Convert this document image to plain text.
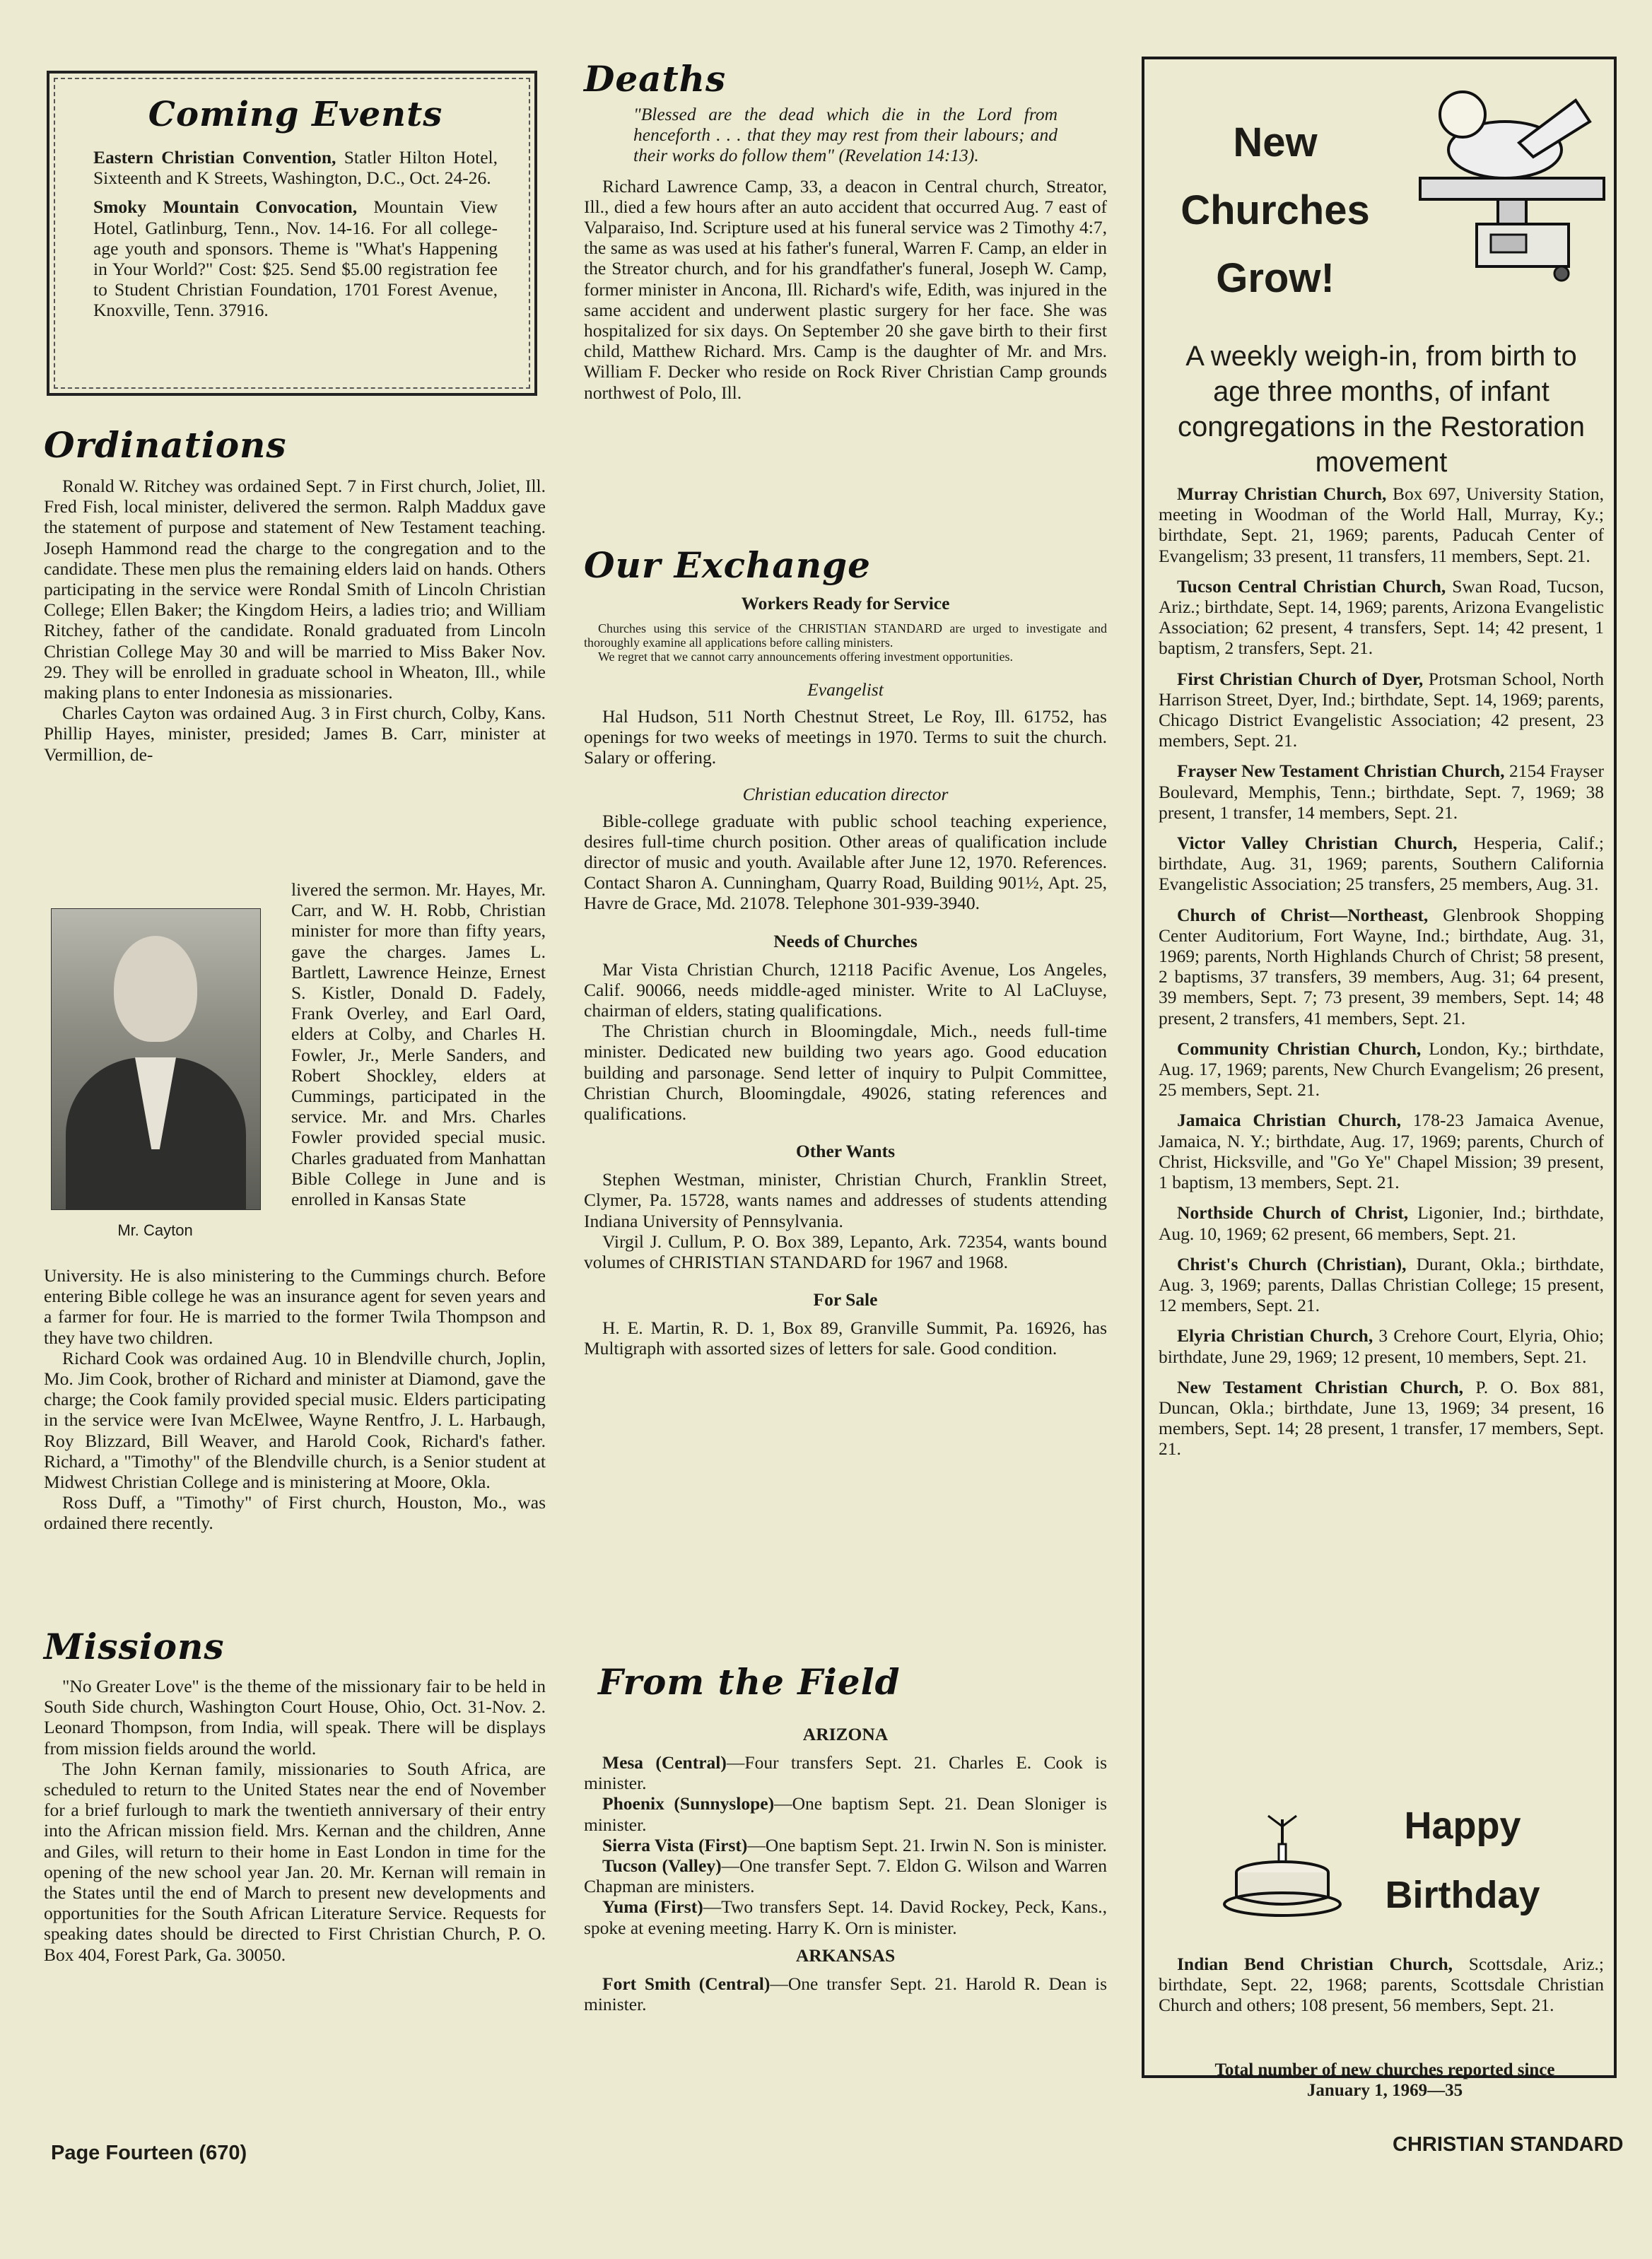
Coming Events

Eastern Christian Convention, Statler Hilton Hotel, Sixteenth and K Streets, Washington, D.C., Oct. 24-26.

Smoky Mountain Convocation, Mountain View Hotel, Gatlinburg, Tenn., Nov. 14-16. For all college-age youth and sponsors. Theme is "What's Happening in Your World?" Cost: $25. Send $5.00 registration fee to Student Christian Foundation, 1701 Forest Avenue, Knoxville, Tenn. 37916.

Ordinations

Ronald W. Ritchey was ordained Sept. 7 in First church, Joliet, Ill. Fred Fish, local minister, delivered the sermon. Ralph Maddux gave the statement of purpose and statement of New Testament teaching. Joseph Hammond read the charge to the congregation and to the candidate. These men plus the remaining elders laid on hands. Others participating in the service were Rondal Smith of Lincoln Christian College; Ellen Baker; the Kingdom Heirs, a ladies trio; and William Ritchey, father of the candidate. Ronald graduated from Lincoln Christian College May 30 and will be married to Miss Baker Nov. 29. They will be enrolled in graduate school in Wheaton, Ill., while making plans to enter Indonesia as missionaries.

Charles Cayton was ordained Aug. 3 in First church, Colby, Kans. Phillip Hayes, minister, presided; James B. Carr, minister at Vermillion, de-

Mr. Cayton

livered the sermon. Mr. Hayes, Mr. Carr, and W. H. Robb, Christian minister for more than fifty years, gave the charges. James L. Bartlett, Lawrence Heinze, Ernest S. Kistler, Donald D. Fadely, Frank Overley, and Earl Oard, elders at Colby, and Charles H. Fowler, Jr., Merle Sanders, and Robert Shockley, elders at Cummings, participated in the service. Mr. and Mrs. Charles Fowler provided special music. Charles graduated from Manhattan Bible College in June and is enrolled in Kansas State

University. He is also ministering to the Cummings church. Before entering Bible college he was an insurance agent for seven years and a farmer for four. He is married to the former Twila Thompson and they have two children.

Richard Cook was ordained Aug. 10 in Blendville church, Joplin, Mo. Jim Cook, brother of Richard and minister at Diamond, gave the charge; the Cook family provided special music. Elders participating in the service were Ivan McElwee, Wayne Rentfro, J. L. Harbaugh, Roy Blizzard, Bill Weaver, and Harold Cook, Richard's father. Richard, a "Timothy" of the Blendville church, is a Senior student at Midwest Christian College and is ministering at Moore, Okla.

Ross Duff, a "Timothy" of First church, Houston, Mo., was ordained there recently.

Missions

"No Greater Love" is the theme of the missionary fair to be held in South Side church, Washington Court House, Ohio, Oct. 31-Nov. 2. Leonard Thompson, from India, will speak. There will be displays from mission fields around the world.

The John Kernan family, missionaries to South Africa, are scheduled to return to the United States near the end of November for a brief furlough to mark the twentieth anniversary of their entry into the African mission field. Mrs. Kernan and the children, Anne and Giles, will return to their home in East London in time for the opening of the new school year Jan. 20. Mr. Kernan will remain in the States until the end of March to present new developments and opportunities for the South African Literature Service. Requests for speaking dates should be directed to First Christian Church, P. O. Box 404, Forest Park, Ga. 30050.

Deaths

"Blessed are the dead which die in the Lord from henceforth . . . that they may rest from their labours; and their works do follow them" (Revelation 14:13).

Richard Lawrence Camp, 33, a deacon in Central church, Streator, Ill., died a few hours after an auto accident that occurred Aug. 7 east of Valparaiso, Ind. Scripture used at his funeral service was 2 Timothy 4:7, the same as was used at his father's funeral, Warren F. Camp, an elder in the Streator church, and for his grandfather's funeral, Joseph W. Camp, former minister in Ancona, Ill. Richard's wife, Edith, was injured in the same accident and underwent plastic surgery for her face. She was hospitalized for six days. On September 20 she gave birth to their first child, Matthew Richard. Mrs. Camp is the daughter of Mr. and Mrs. William F. Decker who reside on Rock River Christian Camp grounds northwest of Polo, Ill.

Our Exchange
Workers Ready for Service

Churches using this service of the CHRISTIAN STANDARD are urged to investigate and thoroughly examine all applications before calling ministers.

We regret that we cannot carry announcements offering investment opportunities.

Evangelist

Hal Hudson, 511 North Chestnut Street, Le Roy, Ill. 61752, has openings for two weeks of meetings in 1970. Terms to suit the church. Salary or offering.

Christian education director

Bible-college graduate with public school teaching experience, desires full-time church position. Other areas of qualification include director of music and youth. Available after June 12, 1970. References. Contact Sharon A. Cunningham, Quarry Road, Building 901½, Apt. 25, Havre de Grace, Md. 21078. Telephone 301-939-3940.

Needs of Churches

Mar Vista Christian Church, 12118 Pacific Avenue, Los Angeles, Calif. 90066, needs middle-aged minister. Write to Al LaCluyse, chairman of elders, stating qualifications.

The Christian church in Bloomingdale, Mich., needs full-time minister. Dedicated new building two years ago. Good education building and parsonage. Send letter of inquiry to Pulpit Committee, Christian Church, Bloomingdale, 49026, stating references and qualifications.

Other Wants

Stephen Westman, minister, Christian Church, Franklin Street, Clymer, Pa. 15728, wants names and addresses of students attending Indiana University of Pennsylvania.

Virgil J. Cullum, P. O. Box 389, Lepanto, Ark. 72354, wants bound volumes of CHRISTIAN STANDARD for 1967 and 1968.

For Sale

H. E. Martin, R. D. 1, Box 89, Granville Summit, Pa. 16926, has Multigraph with assorted sizes of letters for sale. Good condition.

From the Field
ARIZONA

Mesa (Central)—Four transfers Sept. 21. Charles E. Cook is minister.

Phoenix (Sunnyslope)—One baptism Sept. 21. Dean Sloniger is minister.

Sierra Vista (First)—One baptism Sept. 21. Irwin N. Son is minister.

Tucson (Valley)—One transfer Sept. 7. Eldon G. Wilson and Warren Chapman are ministers.

Yuma (First)—Two transfers Sept. 14. David Rockey, Peck, Kans., spoke at evening meeting. Harry K. Orn is minister.

ARKANSAS

Fort Smith (Central)—One transfer Sept. 21. Harold R. Dean is minister.

New
Churches
Grow!
A weekly weigh-in, from birth to age three months, of infant congregations in the Restoration movement

Murray Christian Church, Box 697, University Station, meeting in Woodman of the World Hall, Murray, Ky.; birthdate, Sept. 21, 1969; parents, Paducah Center of Evangelism; 33 present, 11 transfers, 11 members, Sept. 21.

Tucson Central Christian Church, Swan Road, Tucson, Ariz.; birthdate, Sept. 14, 1969; parents, Arizona Evangelistic Association; 62 present, 4 transfers, Sept. 14; 42 present, 1 baptism, 2 transfers, Sept. 21.

First Christian Church of Dyer, Protsman School, North Harrison Street, Dyer, Ind.; birthdate, Sept. 14, 1969; parents, Chicago District Evangelistic Association; 42 present, 23 members, Sept. 21.

Frayser New Testament Christian Church, 2154 Frayser Boulevard, Memphis, Tenn.; birthdate, Sept. 7, 1969; 38 present, 1 transfer, 14 members, Sept. 21.

Victor Valley Christian Church, Hesperia, Calif.; birthdate, Aug. 31, 1969; parents, Southern California Evangelistic Association; 25 transfers, 25 members, Aug. 31.

Church of Christ—Northeast, Glenbrook Shopping Center Auditorium, Fort Wayne, Ind.; birthdate, Aug. 31, 1969; parents, North Highlands Church of Christ; 58 present, 2 baptisms, 37 transfers, 39 members, Aug. 31; 64 present, 39 members, Sept. 7; 73 present, 39 members, Sept. 14; 48 present, 2 transfers, 41 members, Sept. 21.

Community Christian Church, London, Ky.; birthdate, Aug. 17, 1969; parents, New Church Evangelism; 26 present, 25 members, Sept. 21.

Jamaica Christian Church, 178-23 Jamaica Avenue, Jamaica, N. Y.; birthdate, Aug. 17, 1969; parents, Church of Christ, Hicksville, and "Go Ye" Chapel Mission; 39 present, 1 baptism, 13 members, Sept. 21.

Northside Church of Christ, Ligonier, Ind.; birthdate, Aug. 10, 1969; 62 present, 66 members, Sept. 21.

Christ's Church (Christian), Durant, Okla.; birthdate, Aug. 3, 1969; parents, Dallas Christian College; 15 present, 12 members, Sept. 21.

Elyria Christian Church, 3 Crehore Court, Elyria, Ohio; birthdate, June 29, 1969; 12 present, 10 members, Sept. 21.

New Testament Christian Church, P. O. Box 881, Duncan, Okla.; birthdate, June 13, 1969; 34 present, 16 members, Sept. 14; 28 present, 1 transfer, 17 members, Sept. 21.

Happy
Birthday

Indian Bend Christian Church, Scottsdale, Ariz.; birthdate, Sept. 22, 1968; parents, Scottsdale Christian Church and others; 108 present, 56 members, Sept. 21.

Total number of new churches reported since January 1, 1969—35
Page Fourteen (670)	CHRISTIAN STANDARD
